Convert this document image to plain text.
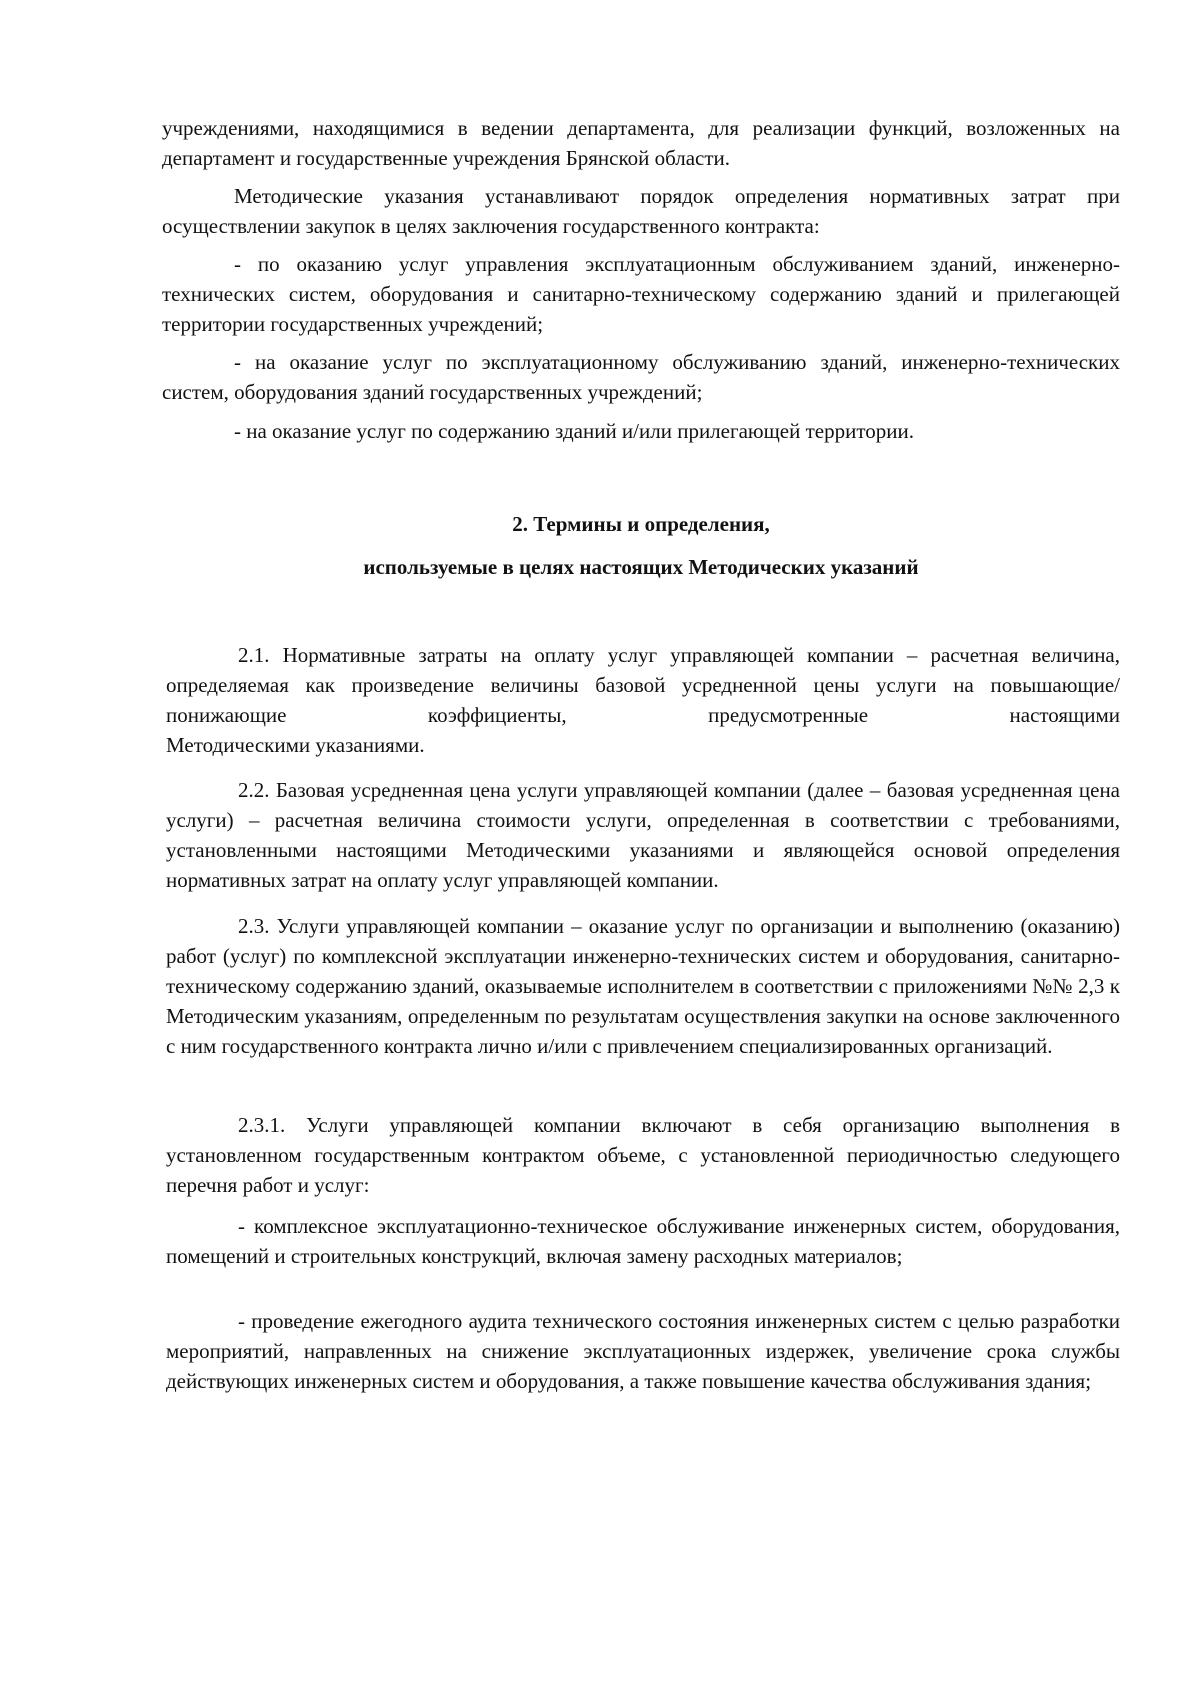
учреждениями, находящимися в ведении департамента, для реализации функций, возложенных на департамент и государственные учреждения Брянской области.

Методические указания устанавливают порядок определения нормативных затрат при осуществлении закупок в целях заключения государственного контракта:

- по оказанию услуг управления эксплуатационным обслуживанием зданий, инженерно-технических систем, оборудования и санитарно-техническому содержанию зданий и прилегающей территории государственных учреждений;

- на оказание услуг по эксплуатационному обслуживанию зданий, инженерно-технических систем, оборудования зданий государственных учреждений;

- на оказание услуг по содержанию зданий и/или прилегающей территории.

2. Термины и определения,

используемые в целях настоящих Методических указаний

2.1. Нормативные затраты на оплату услуг управляющей компании – расчетная величина, определяемая как произведение величины базовой усредненной цены услуги на повышающие/понижающие коэффициенты, предусмотренные настоящими

Методическими указаниями.

2.2. Базовая усредненная цена услуги управляющей компании (далее – базовая усредненная цена услуги) – расчетная величина стоимости услуги, определенная в соответствии с требованиями, установленными настоящими Методическими указаниями и являющейся основой определения нормативных затрат на оплату услуг управляющей компании.

2.3. Услуги управляющей компании – оказание услуг по организации и выполнению (оказанию) работ (услуг) по комплексной эксплуатации инженерно-технических систем и оборудования, санитарно-техническому содержанию зданий, оказываемые исполнителем в соответствии с приложениями №№ 2,3 к Методическим указаниям, определенным по результатам осуществления закупки на основе заключенного с ним государственного контракта лично и/или с привлечением специализированных организаций.

2.3.1. Услуги управляющей компании включают в себя организацию выполнения в установленном государственным контрактом объеме, с установленной периодичностью следующего перечня работ и услуг:

- комплексное эксплуатационно-техническое обслуживание инженерных систем, оборудования, помещений и строительных конструкций, включая замену расходных материалов;

- проведение ежегодного аудита технического состояния инженерных систем с целью разработки мероприятий, направленных на снижение эксплуатационных издержек, увеличение срока службы действующих инженерных систем и оборудования, а также повышение качества обслуживания здания;
